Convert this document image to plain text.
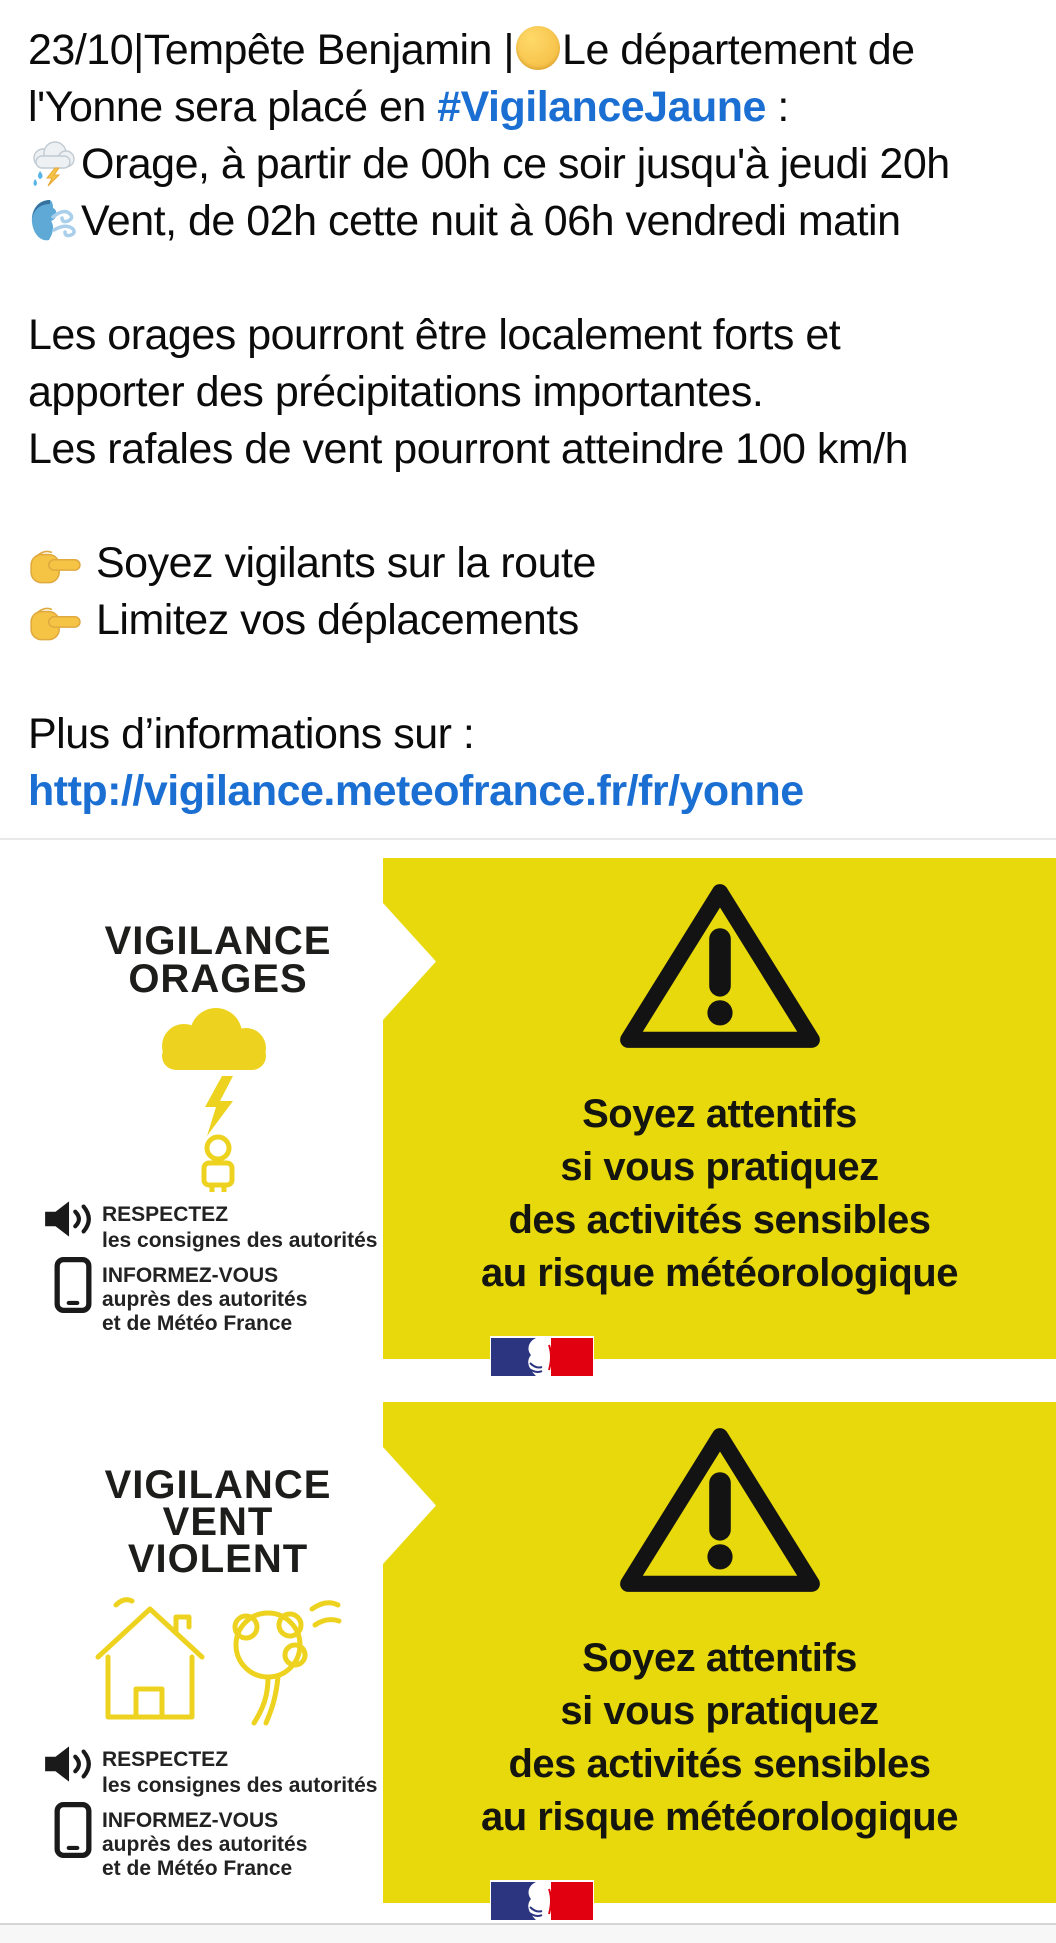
23/10|Tempête Benjamin | Le département de
l'Yonne sera placé en #VigilanceJaune :
Orage, à partir de 00h ce soir jusqu'à jeudi 20h
Vent, de 02h cette nuit à 06h vendredi matin
Les orages pourront être localement forts et
apporter des précipitations importantes.
Les rafales de vent pourront atteindre 100 km/h
Soyez vigilants sur la route
Limitez vos déplacements
Plus d’informations sur :
http://vigilance.meteofrance.fr/fr/yonne
VIGILANCE
ORAGES
RESPECTEZ
les consignes des autorités
INFORMEZ-VOUS
auprès des autorités
et de Météo France
Soyez attentifs
si vous pratiquez
des activités sensibles
au risque météorologique
VIGILANCE
VENT
VIOLENT
RESPECTEZ
les consignes des autorités
INFORMEZ-VOUS
auprès des autorités
et de Météo France
Soyez attentifs
si vous pratiquez
des activités sensibles
au risque météorologique
